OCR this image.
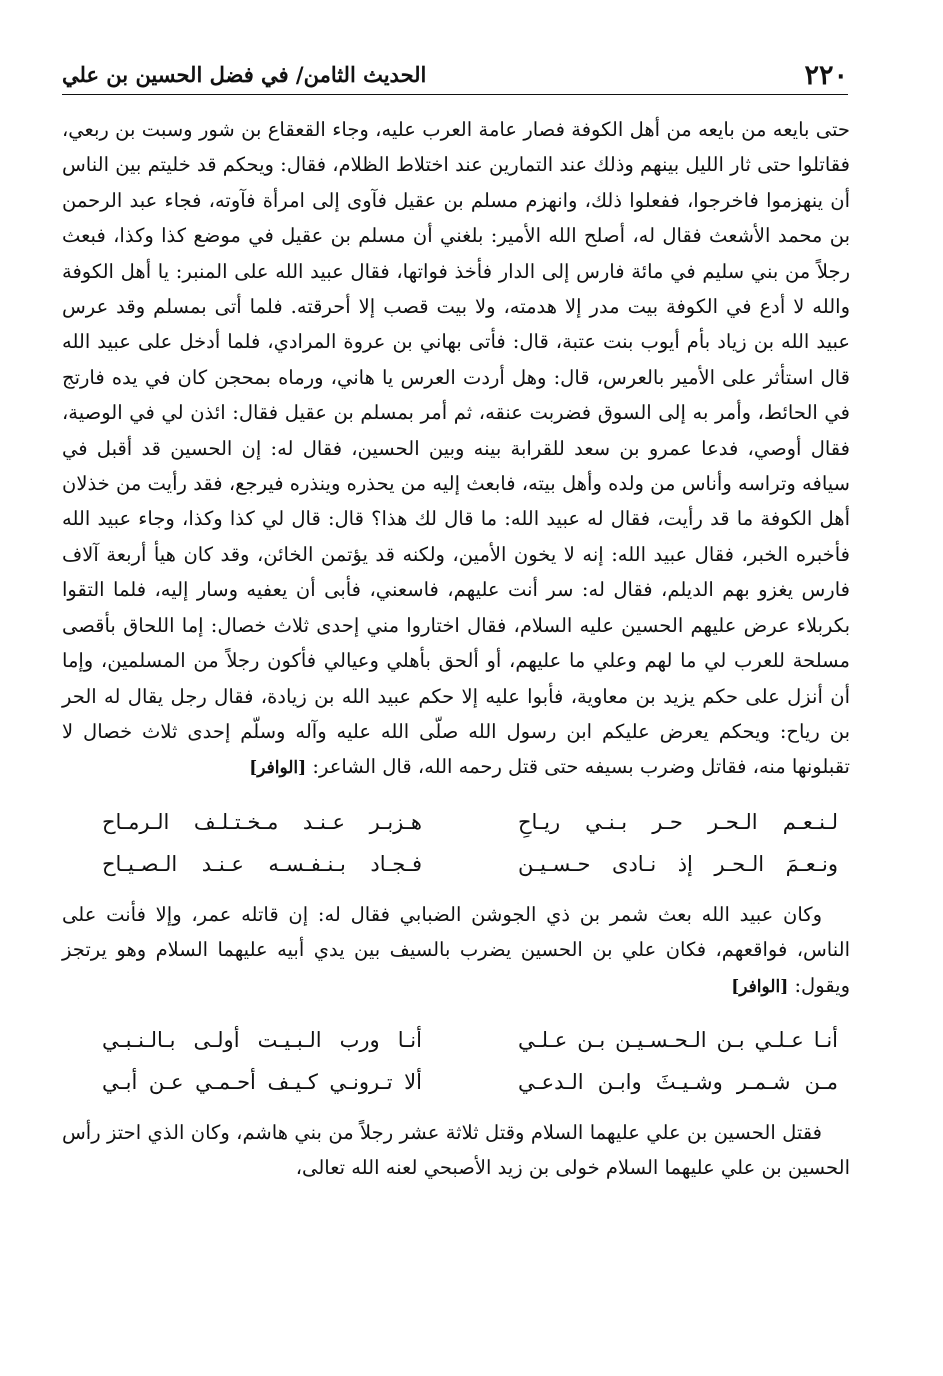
٢٢٠
الحديث الثامن/ في فضل الحسين بن علي

حتى بايعه من بايعه من أهل الكوفة فصار عامة العرب عليه، وجاء القعقاع بن شور وسبت بن ربعي، فقاتلوا حتى ثار الليل بينهم وذلك عند التمارين عند اختلاط الظلام، فقال: ويحكم قد خليتم بين الناس أن ينهزموا فاخرجوا، ففعلوا ذلك، وانهزم مسلم بن عقيل فآوى إلى امرأة فآوته، فجاء عبد الرحمن بن محمد الأشعث فقال له، أصلح الله الأمير: بلغني أن مسلم بن عقيل في موضع كذا وكذا، فبعث رجلاً من بني سليم في مائة فارس إلى الدار فأخذ فواتها، فقال عبيد الله على المنبر: يا أهل الكوفة والله لا أدع في الكوفة بيت مدر إلا هدمته، ولا بيت قصب إلا أحرقته. فلما أتى بمسلم وقد عرس عبيد الله بن زياد بأم أيوب بنت عتبة، قال: فأتى بهاني بن عروة المرادي، فلما أدخل على عبيد الله قال استأثر على الأمير بالعرس، قال: وهل أردت العرس يا هاني، ورماه بمحجن كان في يده فارتج في الحائط، وأمر به إلى السوق فضربت عنقه، ثم أمر بمسلم بن عقيل فقال: ائذن لي في الوصية، فقال أوصي، فدعا عمرو بن سعد للقرابة بينه وبين الحسين، فقال له: إن الحسين قد أقبل في سيافه وتراسه وأناس من ولده وأهل بيته، فابعث إليه من يحذره وينذره فيرجع، فقد رأيت من خذلان أهل الكوفة ما قد رأيت، فقال له عبيد الله: ما قال لك هذا؟ قال: قال لي كذا وكذا، وجاء عبيد الله فأخبره الخبر، فقال عبيد الله: إنه لا يخون الأمين، ولكنه قد يؤتمن الخائن، وقد كان هيأ أربعة آلاف فارس يغزو بهم الديلم، فقال له: سر أنت عليهم، فاسعني، فأبى أن يعفيه وسار إليه، فلما التقوا بكربلاء عرض عليهم الحسين عليه السلام، فقال اختاروا مني إحدى ثلاث خصال: إما اللحاق بأقصى مسلحة للعرب لي ما لهم وعلي ما عليهم، أو ألحق بأهلي وعيالي فأكون رجلاً من المسلمين، وإما أن أنزل على حكم يزيد بن معاوية، فأبوا عليه إلا حكم عبيد الله بن زيادة، فقال رجل يقال له الحر بن رياح: ويحكم يعرض عليكم ابن رسول الله صلّى الله عليه وآله وسلّم إحدى ثلاث خصال لا تقبلونها منه، فقاتل وضرب بسيفه حتى قتل رحمه الله، قال الشاعر: [الوافر]

لـنـعـم الـحـر حـر بـنـي ريـاحِ
هـزبـر عـنـد مـخـتـلـف الـرمـاح
ونـعـمَ الـحـر إذ نـادى حـسـيـن
فـجـاد بـنـفـسـه عـنـد الـصـيـاح

وكان عبيد الله بعث شمر بن ذي الجوشن الضبابي فقال له: إن قاتله عمر، وإلا فأنت على الناس، فواقعهم، فكان علي بن الحسين يضرب بالسيف بين يدي أبيه عليهما السلام وهو يرتجز ويقول: [الوافر]

أنـا عـلـي بـن الـحـسـيـن بـن عـلـي
أنـا ورب الـبـيـت أولـى بـالـنـبـي
مـن شـمـر وشـيـثَ وابـن الـدعـي
ألا تـرونـي كـيـف أحـمـي عـن أبـي

فقتل الحسين بن علي عليهما السلام وقتل ثلاثة عشر رجلاً من بني هاشم، وكان الذي احتز رأس الحسين بن علي عليهما السلام خولى بن زيد الأصبحي لعنه الله تعالى،
